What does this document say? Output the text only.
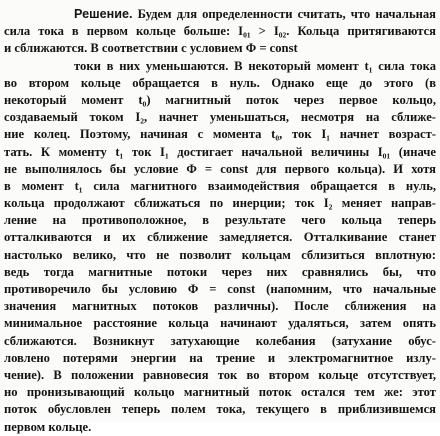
Решение. Будем для определенности считать, что начальная
сила тока в первом кольце больше: I₀₁ > I₀₂. Кольца притягиваются
и сближаются. В соответствии с условием Φ = const
токи в них уменьшаются. В некоторый момент t₁ сила тока
во втором кольце обращается в нуль. Однако еще до этого (в
некоторый момент t₀) магнитный поток через первое кольцо,
создаваемый током I₂, начнет уменьшаться, несмотря на сближе-
ние колец. Поэтому, начиная с момента t₀, ток I₁ начнет возраст-
тать. К моменту t₁ ток I₁ достигает начальной величины I₀₁ (иначе
не выполнялось бы условие Φ = const для первого кольца). И хотя
в момент t₁ сила магнитного взаимодействия обращается в нуль,
кольца продолжают сближаться по инерции; ток I₂ меняет направ-
ление на противоположное, в результате чего кольца теперь
отталкиваются и их сближение замедляется. Отталкивание станет
настолько велико, что не позволит кольцам сблизиться вплотную:
ведь тогда магнитные потоки через них сравнялись бы, что
противоречило бы условию Φ = const (напомним, что начальные
значения магнитных потоков различны). После сближения на
минимальное расстояние кольца начинают удаляться, затем опять
сближаются. Возникнут затухающие колебания (затухание обус-
ловлено потерями энергии на трение и электромагнитное излу-
чение). В положении равновесия ток во втором кольце отсутствует,
но пронизывающий кольцо магнитный поток остался тем же: этот
поток обусловлен теперь полем тока, текущего в приблизившемся
первом кольце.
